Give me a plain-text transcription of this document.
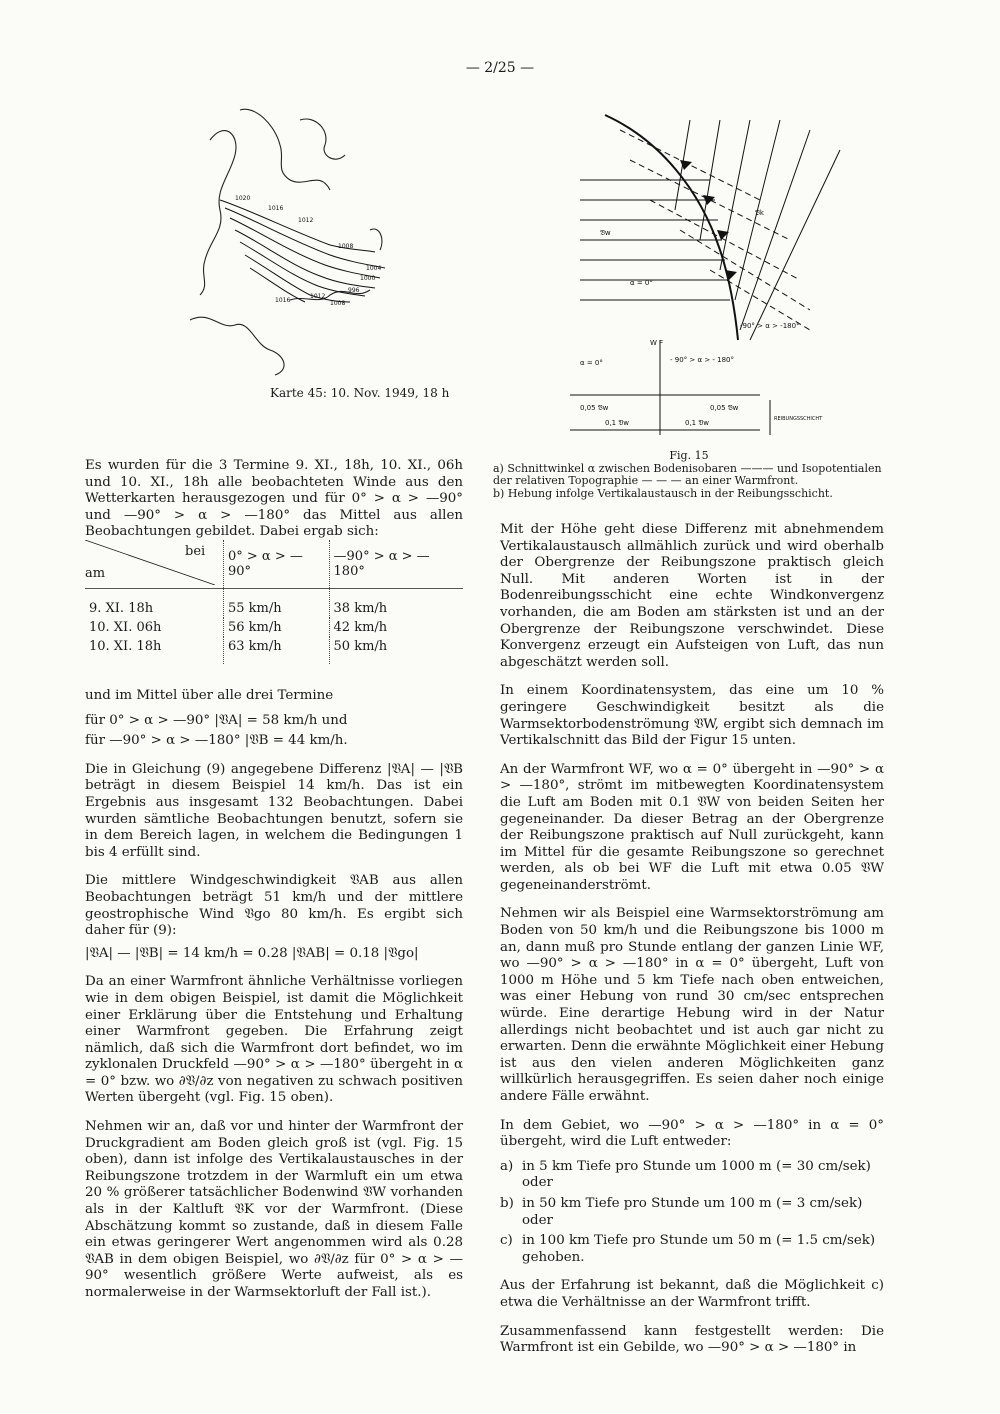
— 2/25 —
1020
1016
1012
1008
1004
1000
996
1012
1016	1008
Karte 45: 10. Nov. 1949, 18 h
𝔙w
𝔙k
α = 0°
-90° > α > -180°
W F
α = 0°	- 90° > α > - 180°
0,05 𝔙w	0,05 𝔙w
0,1 𝔙w	0,1 𝔙w	REIBUNGSSCHICHT
Fig. 15
a) Schnittwinkel α zwischen Bodenisobaren ——— und Isopotentialen der relativen Topographie — — — an einer Warmfront.
b) Hebung infolge Vertikalaustausch in der Reibungsschicht.

Es wurden für die 3 Termine 9. XI., 18h, 10. XI., 06h und 10. XI., 18h alle beobachteten Winde aus den Wetterkarten herausgezogen und für 0° > α > —90° und —90° > α > —180° das Mittel aus allen Beobachtungen gebildet. Dabei ergab sich:

bei
am	0° > α > —90°	—90° > α > —180°
9. XI. 18h	55 km/h	38 km/h
10. XI. 06h	56 km/h	42 km/h
10. XI. 18h	63 km/h	50 km/h

und im Mittel über alle drei Termine

für 0° > α > —90° |𝔙A| = 58 km/h und
für —90° > α > —180° |𝔙B = 44 km/h.

Die in Gleichung (9) angegebene Differenz |𝔙A| — |𝔙B beträgt in diesem Beispiel 14 km/h. Das ist ein Ergebnis aus insgesamt 132 Beobachtungen. Dabei wurden sämtliche Beobachtungen benutzt, sofern sie in dem Bereich lagen, in welchem die Bedingungen 1 bis 4 erfüllt sind.

Die mittlere Windgeschwindigkeit 𝔙AB aus allen Beobachtungen beträgt 51 km/h und der mittlere geostrophische Wind 𝔙go 80 km/h. Es ergibt sich daher für (9):

|𝔙A| — |𝔙B| = 14 km/h = 0.28 |𝔙AB| = 0.18 |𝔙go|

Da an einer Warmfront ähnliche Verhältnisse vorliegen wie in dem obigen Beispiel, ist damit die Möglichkeit einer Erklärung über die Entstehung und Erhaltung einer Warmfront gegeben. Die Erfahrung zeigt nämlich, daß sich die Warmfront dort befindet, wo im zyklonalen Druckfeld —90° > α > —180° übergeht in α = 0° bzw. wo ∂𝔙/∂z von negativen zu schwach positiven Werten übergeht (vgl. Fig. 15 oben).

Nehmen wir an, daß vor und hinter der Warmfront der Druckgradient am Boden gleich groß ist (vgl. Fig. 15 oben), dann ist infolge des Vertikalaustausches in der Reibungszone trotzdem in der Warmluft ein um etwa 20 % größerer tatsächlicher Bodenwind 𝔙W vorhanden als in der Kaltluft 𝔙K vor der Warmfront. (Diese Abschätzung kommt so zustande, daß in diesem Falle ein etwas geringerer Wert angenommen wird als 0.28 𝔙AB in dem obigen Beispiel, wo ∂𝔙/∂z für 0° > α > —90° wesentlich größere Werte aufweist, als es normalerweise in der Warmsektorluft der Fall ist.).

Mit der Höhe geht diese Differenz mit abnehmendem Vertikalaustausch allmählich zurück und wird oberhalb der Obergrenze der Reibungszone praktisch gleich Null. Mit anderen Worten ist in der Bodenreibungsschicht eine echte Windkonvergenz vorhanden, die am Boden am stärksten ist und an der Obergrenze der Reibungszone verschwindet. Diese Konvergenz erzeugt ein Aufsteigen von Luft, das nun abgeschätzt werden soll.

In einem Koordinatensystem, das eine um 10 % geringere Geschwindigkeit besitzt als die Warmsektorbodenströmung 𝔙W, ergibt sich demnach im Vertikalschnitt das Bild der Figur 15 unten.

An der Warmfront WF, wo α = 0° übergeht in —90° > α > —180°, strömt im mitbewegten Koordinatensystem die Luft am Boden mit 0.1 𝔙W von beiden Seiten her gegeneinander. Da dieser Betrag an der Obergrenze der Reibungszone praktisch auf Null zurückgeht, kann im Mittel für die gesamte Reibungszone so gerechnet werden, als ob bei WF die Luft mit etwa 0.05 𝔙W gegeneinanderströmt.

Nehmen wir als Beispiel eine Warmsektorströmung am Boden von 50 km/h und die Reibungszone bis 1000 m an, dann muß pro Stunde entlang der ganzen Linie WF, wo —90° > α > —180° in α = 0° übergeht, Luft von 1000 m Höhe und 5 km Tiefe nach oben entweichen, was einer Hebung von rund 30 cm/sec entsprechen würde. Eine derartige Hebung wird in der Natur allerdings nicht beobachtet und ist auch gar nicht zu erwarten. Denn die erwähnte Möglichkeit einer Hebung ist aus den vielen anderen Möglichkeiten ganz willkürlich herausgegriffen. Es seien daher noch einige andere Fälle erwähnt.

In dem Gebiet, wo —90° > α > —180° in α = 0° übergeht, wird die Luft entweder:

a) in 5 km Tiefe pro Stunde um 1000 m (= 30 cm/sek)
oder
b) in 50 km Tiefe pro Stunde um 100 m (= 3 cm/sek)
oder
c) in 100 km Tiefe pro Stunde um 50 m (= 1.5 cm/sek)
gehoben.

Aus der Erfahrung ist bekannt, daß die Möglichkeit c) etwa die Verhältnisse an der Warmfront trifft.

Zusammenfassend kann festgestellt werden: Die Warmfront ist ein Gebilde, wo —90° > α > —180° in
